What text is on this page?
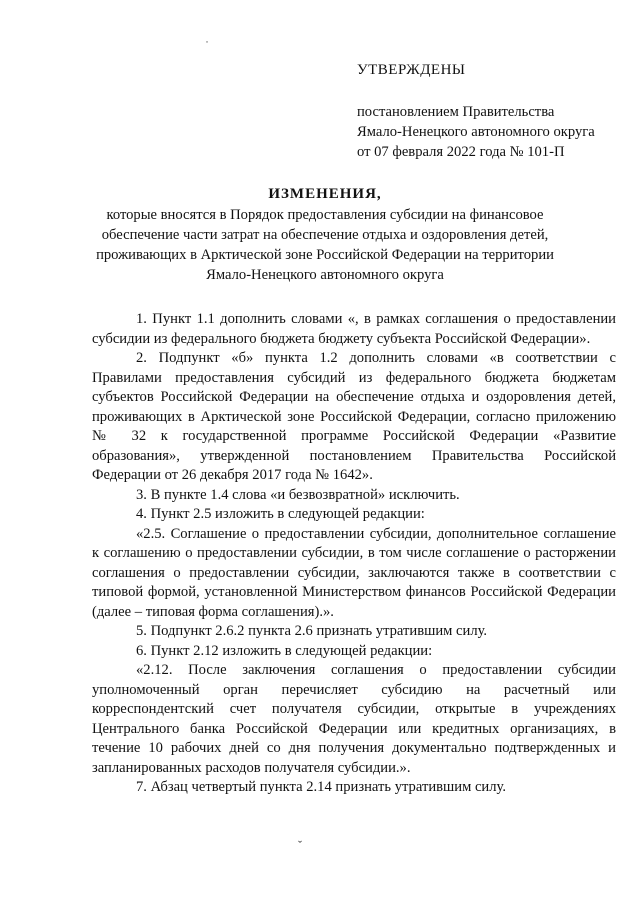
УТВЕРЖДЕНЫ
постановлением Правительства
Ямало-Ненецкого автономного округа
от 07 февраля 2022 года № 101-П
ИЗМЕНЕНИЯ,
которые вносятся в Порядок предоставления субсидии на финансовое
обеспечение части затрат на обеспечение отдыха и оздоровления детей,
проживающих в Арктической зоне Российской Федерации на территории
Ямало-Ненецкого автономного округа

1. Пункт 1.1 дополнить словами «, в рамках соглашения о предоставлении субсидии из федерального бюджета бюджету субъекта Российской Федерации».

2. Подпункт «б» пункта 1.2 дополнить словами «в соответствии с Правилами предоставления субсидий из федерального бюджета бюджетам субъектов Российской Федерации на обеспечение отдыха и оздоровления детей, проживающих в Арктической зоне Российской Федерации, согласно приложению № 32 к государственной программе Российской Федерации «Развитие образования», утвержденной постановлением Правительства Российской Федерации от 26 декабря 2017 года № 1642».

3. В пункте 1.4 слова «и безвозвратной» исключить.

4. Пункт 2.5 изложить в следующей редакции:

«2.5. Соглашение о предоставлении субсидии, дополнительное соглашение к соглашению о предоставлении субсидии, в том числе соглашение о расторжении соглашения о предоставлении субсидии, заключаются также в соответствии с типовой формой, установленной Министерством финансов Российской Федерации (далее – типовая форма соглашения).».

5. Подпункт 2.6.2 пункта 2.6 признать утратившим силу.

6. Пункт 2.12 изложить в следующей редакции:

«2.12. После заключения соглашения о предоставлении субсидии уполномоченный орган перечисляет субсидию на расчетный или корреспондентский счет получателя субсидии, открытые в учреждениях Центрального банка Российской Федерации или кредитных организациях, в течение 10 рабочих дней со дня получения документально подтвержденных и запланированных расходов получателя субсидии.».

7. Абзац четвертый пункта 2.14 признать утратившим силу.

˙
ˇ
